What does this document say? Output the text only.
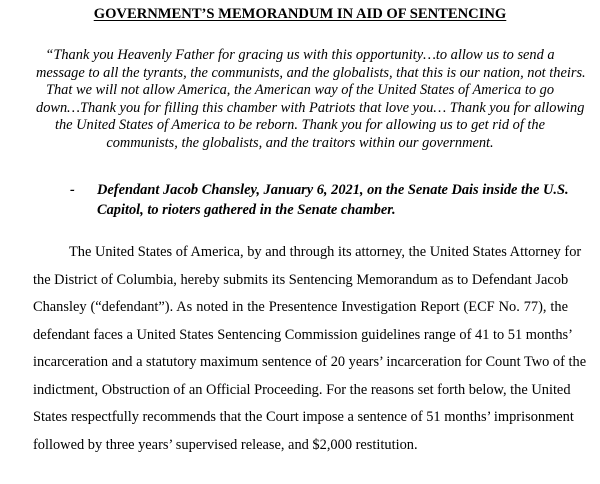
GOVERNMENT’S MEMORANDUM IN AID OF SENTENCING
“Thank you Heavenly Father for gracing us with this opportunity…to allow us to send a
message to all the tyrants, the communists, and the globalists, that this is our nation, not theirs.
That we will not allow America, the American way of the United States of America to go
down…Thank you for filling this chamber with Patriots that love you… Thank you for allowing
the United States of America to be reborn. Thank you for allowing us to get rid of the
communists, the globalists, and the traitors within our government.
- Defendant Jacob Chansley, January 6, 2021, on the Senate Dais inside the U.S.
Capitol, to rioters gathered in the Senate chamber.
The United States of America, by and through its attorney, the United States Attorney for
the District of Columbia, hereby submits its Sentencing Memorandum as to Defendant Jacob
Chansley (“defendant”). As noted in the Presentence Investigation Report (ECF No. 77), the
defendant faces a United States Sentencing Commission guidelines range of 41 to 51 months’
incarceration and a statutory maximum sentence of 20 years’ incarceration for Count Two of the
indictment, Obstruction of an Official Proceeding. For the reasons set forth below, the United
States respectfully recommends that the Court impose a sentence of 51 months’ imprisonment
followed by three years’ supervised release, and $2,000 restitution.
